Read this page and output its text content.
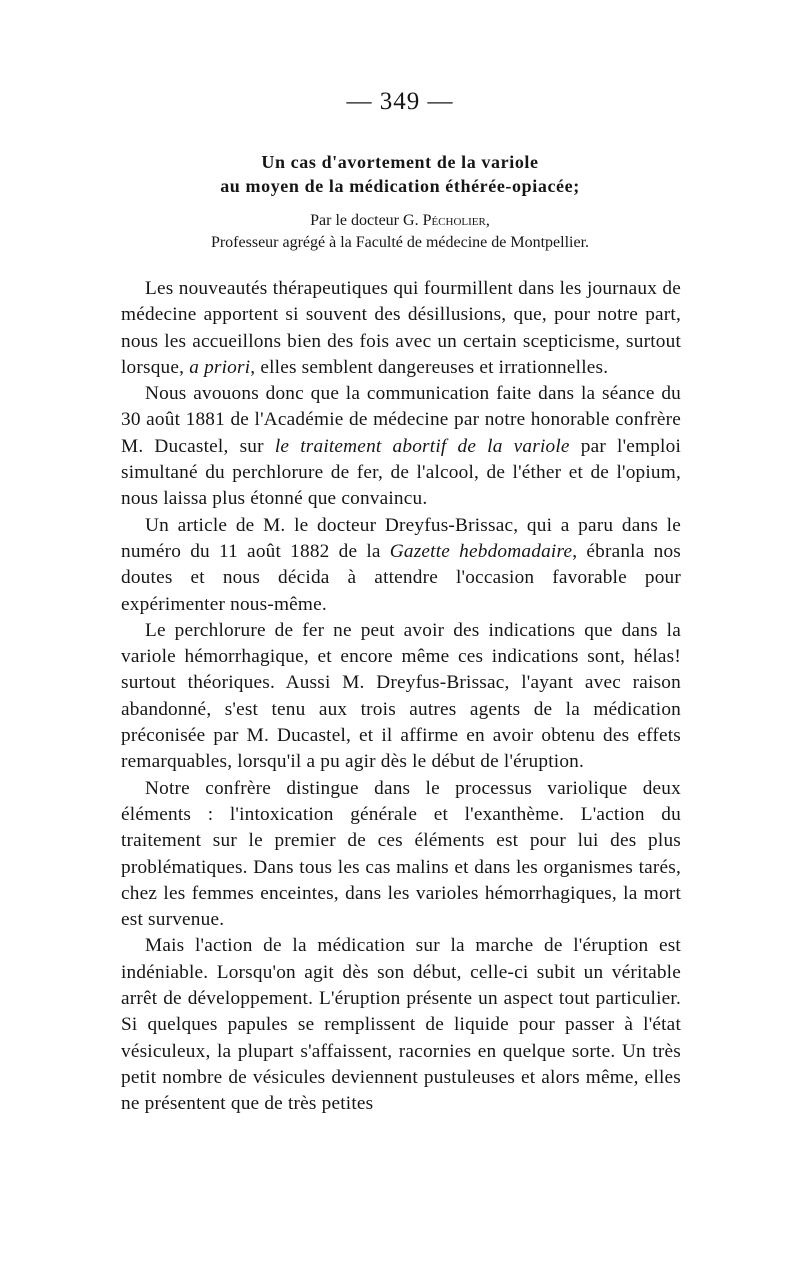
— 349 —
Un cas d'avortement de la variole
au moyen de la médication éthérée-opiacée;
Par le docteur G. Pécholier,
Professeur agrégé à la Faculté de médecine de Montpellier.

Les nouveautés thérapeutiques qui fourmillent dans les journaux de médecine apportent si souvent des désillusions, que, pour notre part, nous les accueillons bien des fois avec un certain scepticisme, surtout lorsque, a priori, elles semblent dangereuses et irrationnelles.

Nous avouons donc que la communication faite dans la séance du 30 août 1881 de l'Académie de médecine par notre honorable confrère M. Ducastel, sur le traitement abortif de la variole par l'emploi simultané du perchlorure de fer, de l'alcool, de l'éther et de l'opium, nous laissa plus étonné que convaincu.

Un article de M. le docteur Dreyfus-Brissac, qui a paru dans le numéro du 11 août 1882 de la Gazette hebdomadaire, ébranla nos doutes et nous décida à attendre l'occasion favorable pour expérimenter nous-même.

Le perchlorure de fer ne peut avoir des indications que dans la variole hémorrhagique, et encore même ces indications sont, hélas! surtout théoriques. Aussi M. Dreyfus-Brissac, l'ayant avec raison abandonné, s'est tenu aux trois autres agents de la médication préconisée par M. Ducastel, et il affirme en avoir obtenu des effets remarquables, lorsqu'il a pu agir dès le début de l'éruption.

Notre confrère distingue dans le processus variolique deux éléments : l'intoxication générale et l'exanthème. L'action du traitement sur le premier de ces éléments est pour lui des plus problématiques. Dans tous les cas malins et dans les organismes tarés, chez les femmes enceintes, dans les varioles hémorrhagiques, la mort est survenue.

Mais l'action de la médication sur la marche de l'éruption est indéniable. Lorsqu'on agit dès son début, celle-ci subit un véritable arrêt de développement. L'éruption présente un aspect tout particulier. Si quelques papules se remplissent de liquide pour passer à l'état vésiculeux, la plupart s'affaissent, racornies en quelque sorte. Un très petit nombre de vésicules deviennent pustuleuses et alors même, elles ne présentent que de très petites
